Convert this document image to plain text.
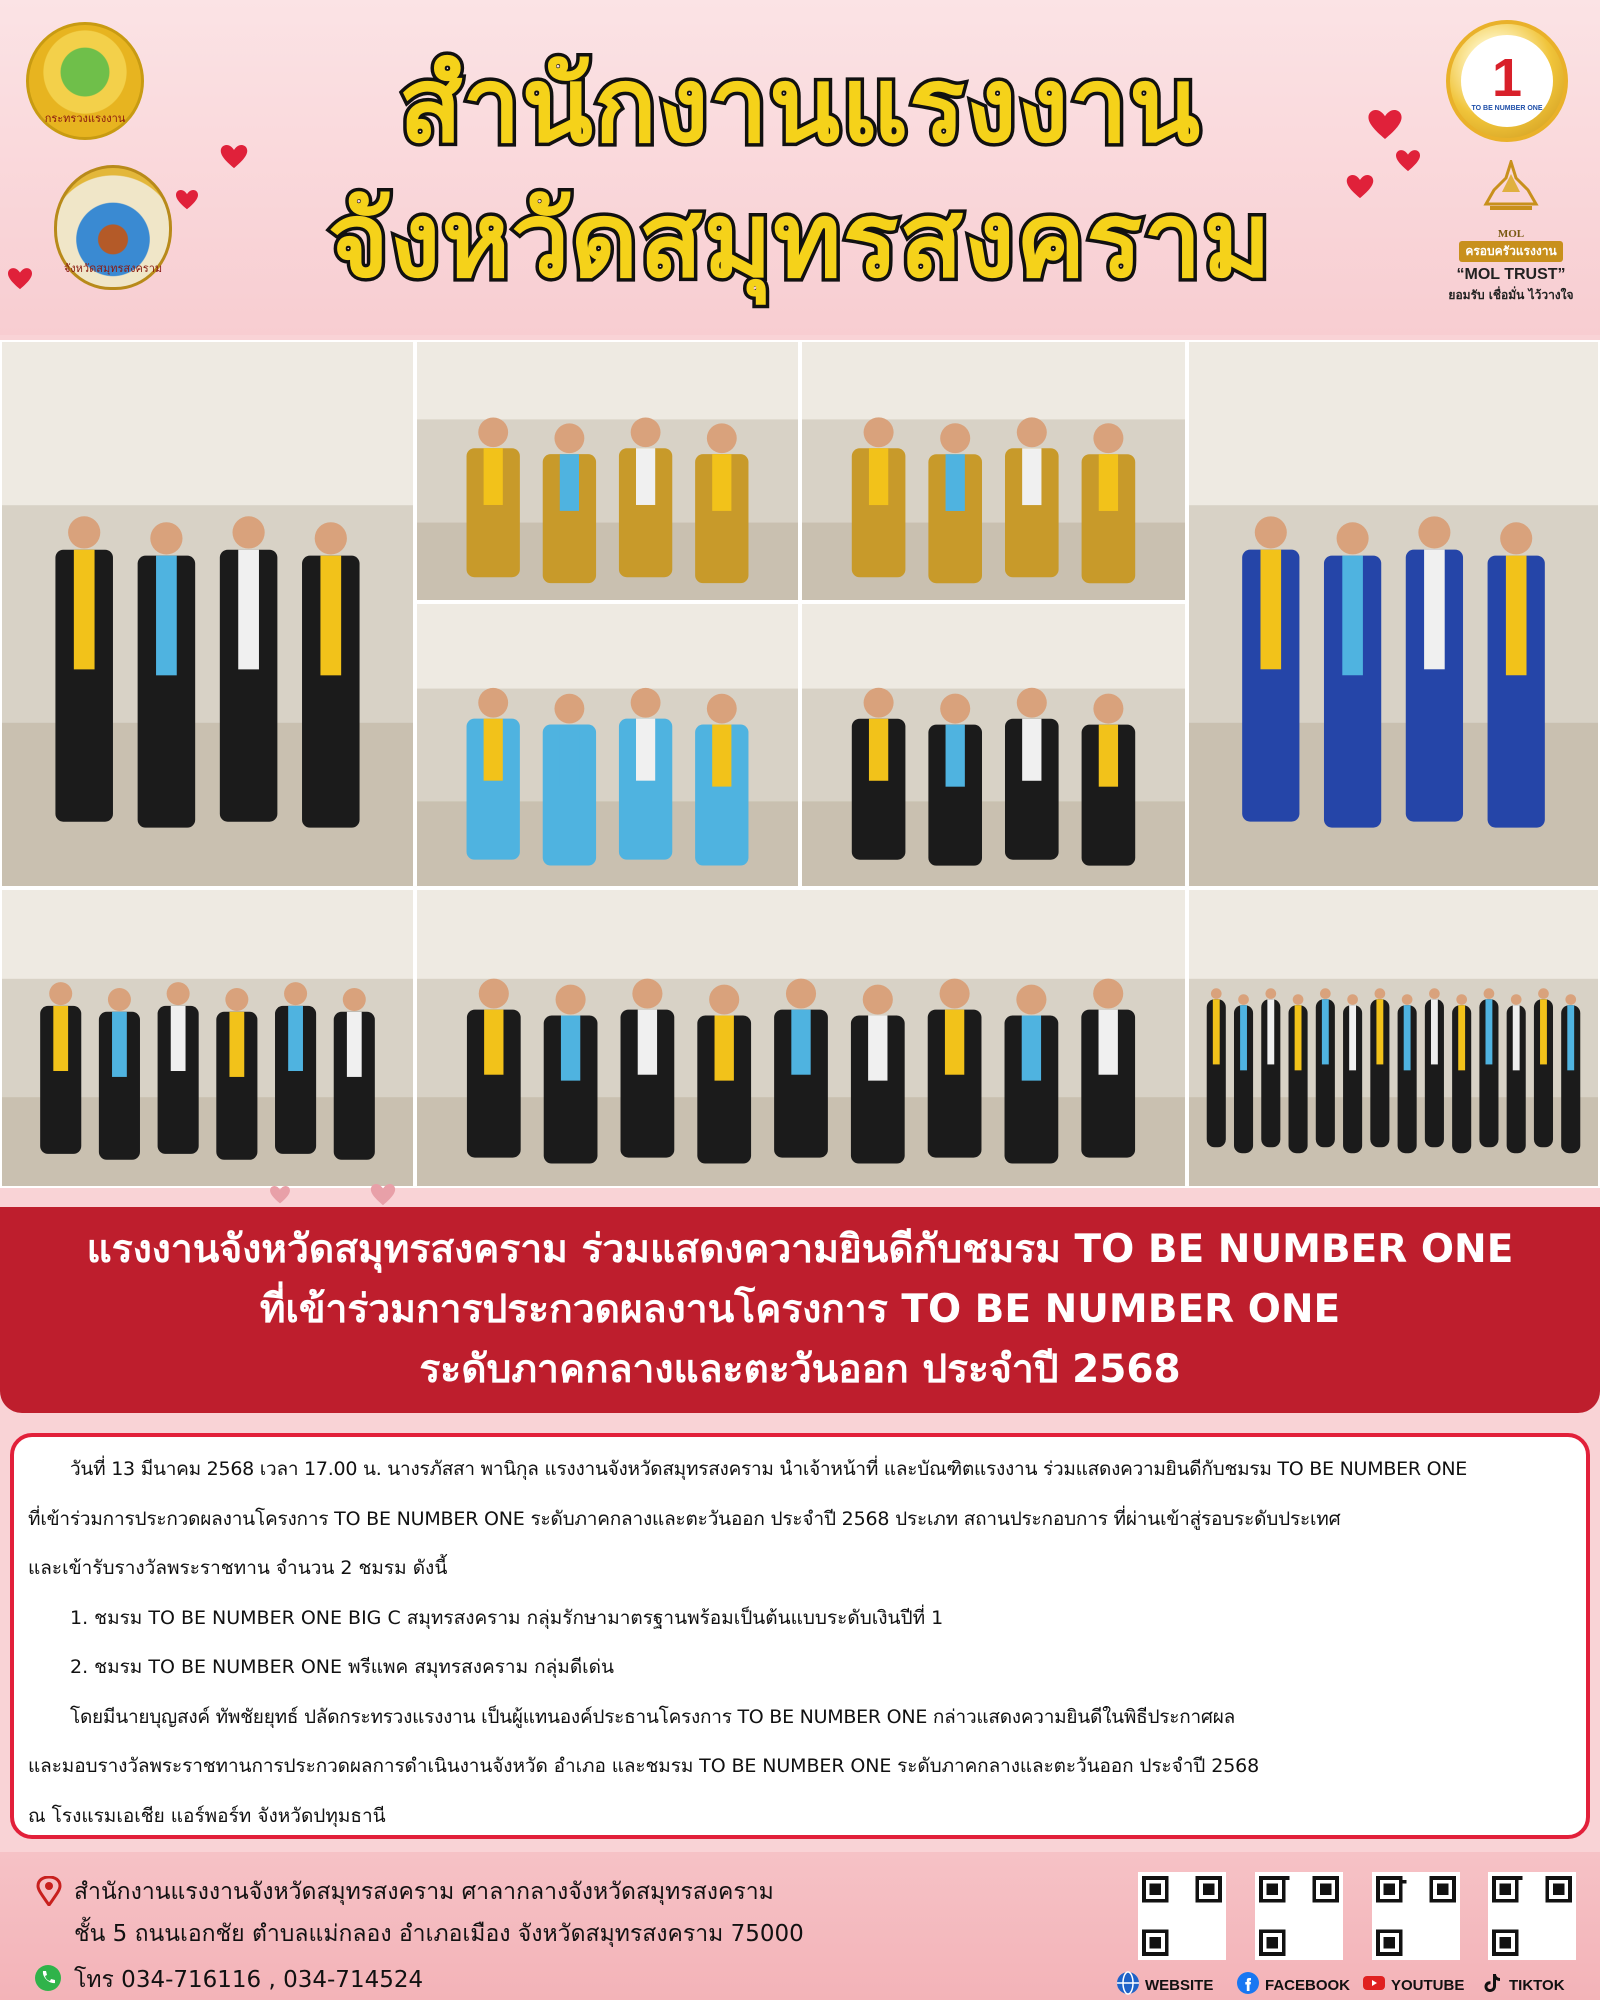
กระทรวงแรงงาน
จังหวัดสมุทรสงคราม
สำนักงานแรงงาน
จังหวัดสมุทรสงคราม
1
TO BE NUMBER ONE
MOL
ครอบครัวแรงงาน
“MOL TRUST”
ยอมรับ เชื่อมั่น ไว้วางใจ
แรงงานจังหวัดสมุทรสงคราม ร่วมแสดงความยินดีกับชมรม TO BE NUMBER ONE
ที่เข้าร่วมการประกวดผลงานโครงการ TO BE NUMBER ONE
ระดับภาคกลางและตะวันออก ประจำปี 2568

วันที่ 13 มีนาคม 2568 เวลา 17.00 น. นางรภัสสา พานิกุล แรงงานจังหวัดสมุทรสงคราม นำเจ้าหน้าที่ และบัณฑิตแรงงาน ร่วมแสดงความยินดีกับชมรม TO BE NUMBER ONE

ที่เข้าร่วมการประกวดผลงานโครงการ TO BE NUMBER ONE ระดับภาคกลางและตะวันออก ประจำปี 2568 ประเภท สถานประกอบการ ที่ผ่านเข้าสู่รอบระดับประเทศ

และเข้ารับรางวัลพระราชทาน จำนวน 2 ชมรม ดังนี้

1. ชมรม TO BE NUMBER ONE BIG C สมุทรสงคราม กลุ่มรักษามาตรฐานพร้อมเป็นต้นแบบระดับเงินปีที่ 1

2. ชมรม TO BE NUMBER ONE พรีแพค สมุทรสงคราม กลุ่มดีเด่น

โดยมีนายบุญสงค์ ทัพชัยยุทธ์ ปลัดกระทรวงแรงงาน เป็นผู้แทนองค์ประธานโครงการ TO BE NUMBER ONE กล่าวแสดงความยินดีในพิธีประกาศผล

และมอบรางวัลพระราชทานการประกวดผลการดำเนินงานจังหวัด อำเภอ และชมรม TO BE NUMBER ONE ระดับภาคกลางและตะวันออก ประจำปี 2568

ณ โรงแรมเอเชีย แอร์พอร์ท จังหวัดปทุมธานี

สำนักงานแรงงานจังหวัดสมุทรสงคราม ศาลากลางจังหวัดสมุทรสงคราม
ชั้น 5 ถนนเอกชัย ตำบลแม่กลอง อำเภอเมือง จังหวัดสมุทรสงคราม 75000
โทร 034-716116 , 034-714524	WEBSITE	FACEBOOK	YOUTUBE	TIKTOK
